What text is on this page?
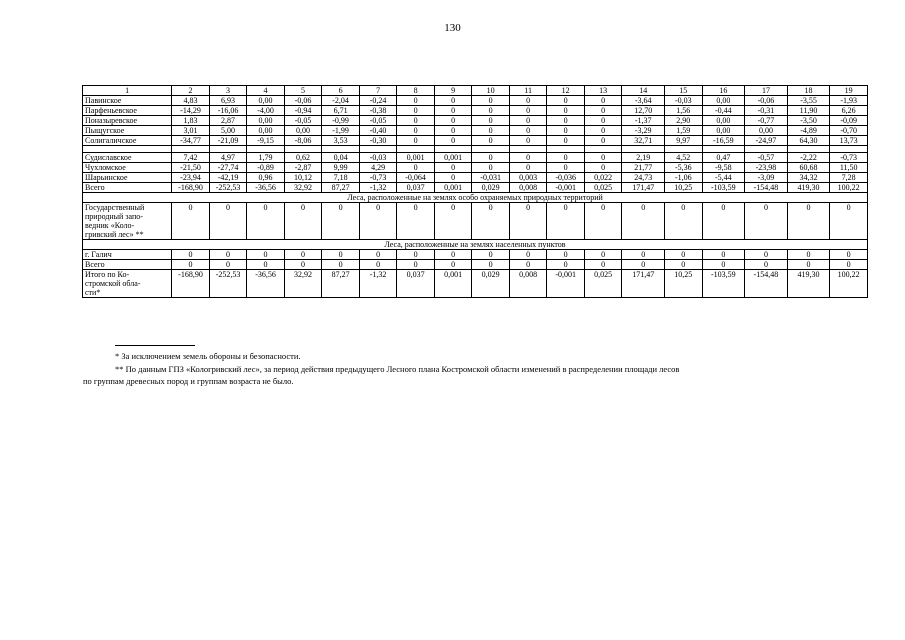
130
1	2	3	4	5	6	7	8	9	10	11	12	13	14	15	16	17	18	19
Павинское	4,83	6,93	0,00	-0,06	-2,04	-0,24	0	0	0	0	0	0	-3,64	-0,03	0,00	-0,06	-3,55	-1,93
Парфеньевское	-14,29	-16,06	-4,00	-0,94	6,71	-0,38	0	0	0	0	0	0	12,70	1,56	-0,44	-0,31	11,90	6,26
Поназыревское	1,83	2,87	0,00	-0,05	-0,99	-0,05	0	0	0	0	0	0	-1,37	2,90	0,00	-0,77	-3,50	-0,09
Пыщугское	3,01	5,00	0,00	0,00	-1,99	-0,40	0	0	0	0	0	0	-3,29	1,59	0,00	0,00	-4,89	-0,70
Солигаличское	-34,77	-21,09	-9,15	-8,06	3,53	-0,30	0	0	0	0	0	0	32,71	9,97	-16,59	-24,97	64,30	13,73

Судиславское	7,42	4,97	1,79	0,62	0,04	-0,03	0,001	0,001	0	0	0	0	2,19	4,52	0,47	-0,57	-2,22	-0,73
Чухломское	-21,50	-27,74	-0,89	-2,87	9,99	4,29	0	0	0	0	0	0	21,77	-5,36	-9,58	-23,98	60,68	11,50
Шарьинское	-23,94	-42,19	0,96	10,12	7,18	-0,73	-0,064	0	-0,031	0,003	-0,036	0,022	24,73	-1,06	-5,44	-3,09	34,32	7,28
Всего	-168,90	-252,53	-36,56	32,92	87,27	-1,32	0,037	0,001	0,029	0,008	-0,001	0,025	171,47	10,25	-103,59	-154,48	419,30	100,22
Леса, расположенные на землях особо охраняемых природных территорий																		

Государственный
природный запо-
ведник «Коло-
гривский лес» **	0	0	0	0	0	0	0	0	0	0	0	0	0	0	0	0	0	0
Леса, расположенные на землях населенных пунктов																		
г. Галич	0	0	0	0	0	0	0	0	0	0	0	0	0	0	0	0	0	0
Всего	0	0	0	0	0	0	0	0	0	0	0	0	0	0	0	0	0	0

Итого по Ко-
стромской обла-
сти*	-168,90	-252,53	-36,56	32,92	87,27	-1,32	0,037	0,001	0,029	0,008	-0,001	0,025	171,47	10,25	-103,59	-154,48	419,30	100,22
* За исключением земель обороны и безопасности.
** По данным ГПЗ «Кологривский лес», за период действия предыдущего Лесного плана Костромской области изменений в распределении площади лесов
по группам древесных пород и группам возраста не было.
